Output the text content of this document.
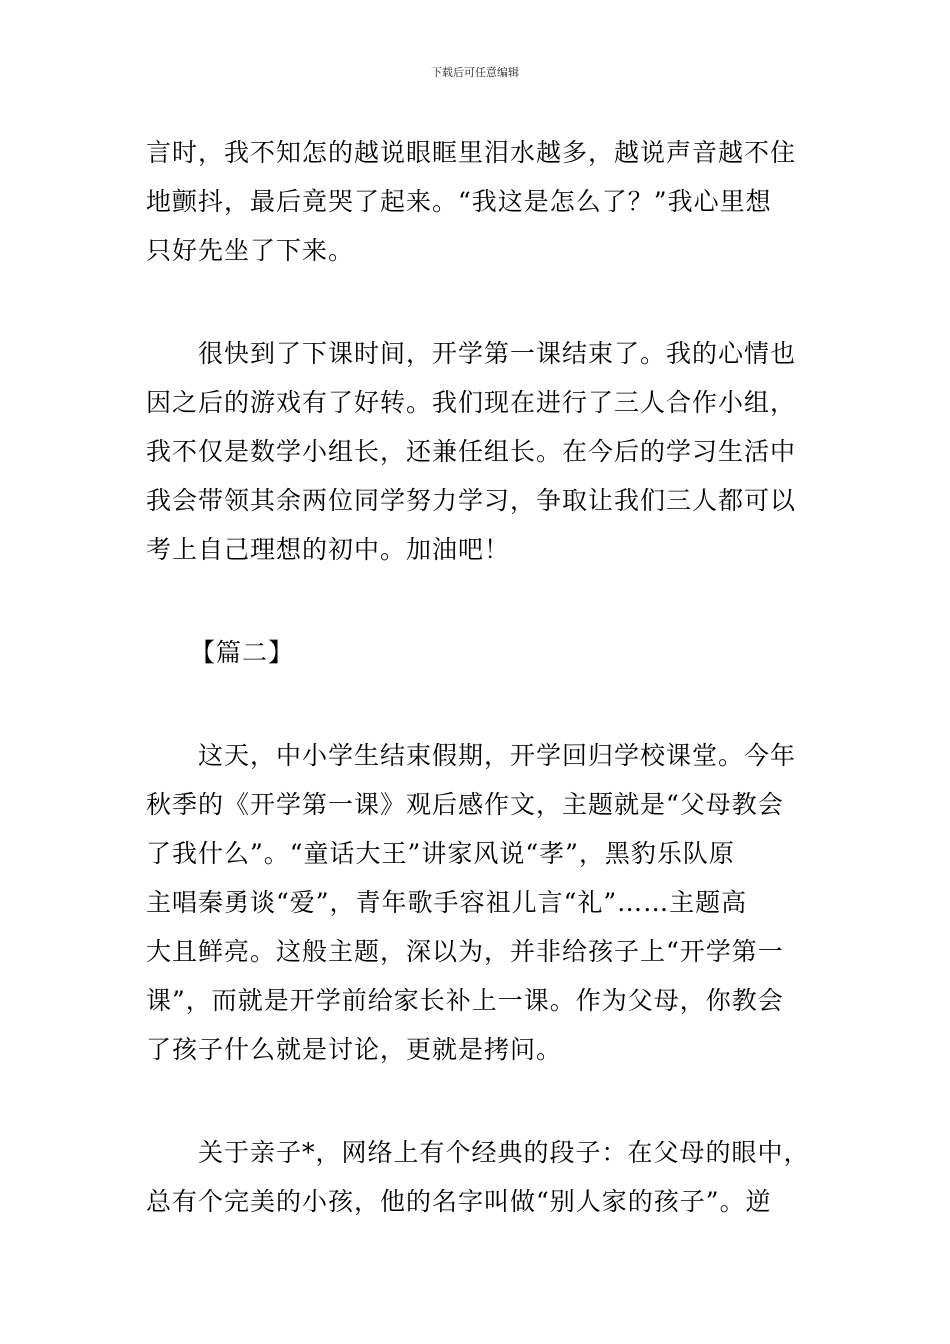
下载后可任意编辑

言时，我不知怎的越说眼眶里泪水越多，越说声音越不住
地颤抖，最后竟哭了起来。“我这是怎么了？”我心里想
只好先坐了下来。

很快到了下课时间，开学第一课结束了。我的心情也
因之后的游戏有了好转。我们现在进行了三人合作小组，
我不仅是数学小组长，还兼任组长。在今后的学习生活中
我会带领其余两位同学努力学习，争取让我们三人都可以
考上自己理想的初中。加油吧！

【篇二】

这天，中小学生结束假期，开学回归学校课堂。今年
秋季的《开学第一课》观后感作文，主题就是“父母教会
了我什么”。“童话大王”讲家风说“孝”，黑豹乐队原
主唱秦勇谈“爱”，青年歌手容祖儿言“礼”……主题高
大且鲜亮。这般主题，深以为，并非给孩子上“开学第一
课”，而就是开学前给家长补上一课。作为父母，你教会
了孩子什么就是讨论，更就是拷问。

关于亲子*，网络上有个经典的段子：在父母的眼中，
总有个完美的小孩，他的名字叫做“别人家的孩子”。逆
